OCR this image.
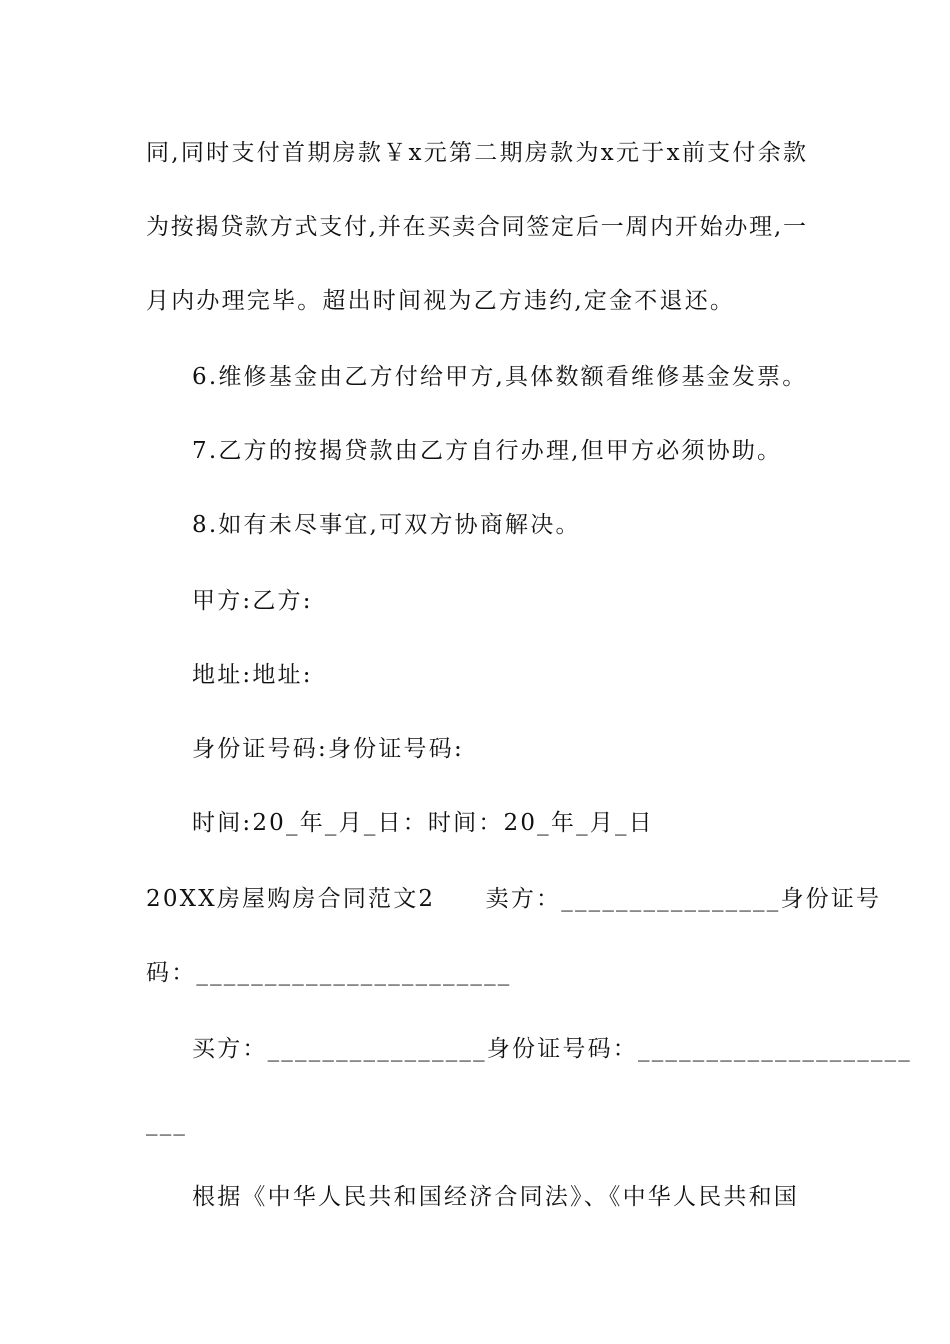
同,同时支付首期房款￥x元第二期房款为x元于x前支付余款
为按揭贷款方式支付,并在买卖合同签定后一周内开始办理,一
月内办理完毕。超出时间视为乙方违约,定金不退还。
6.维修基金由乙方付给甲方,具体数额看维修基金发票。
7.乙方的按揭贷款由乙方自行办理,但甲方必须协助。
8.如有未尽事宜,可双方协商解决。
甲方:乙方:
地址:地址:
身份证号码:身份证号码:
时间:20_年_月_日：时间：20_年_月_日
20XX房屋购房合同范文2　　卖方：________________身份证号
码：_______________________
买方：________________身份证号码：____________________
___
根据《中华人民共和国经济合同法》、《中华人民共和国
